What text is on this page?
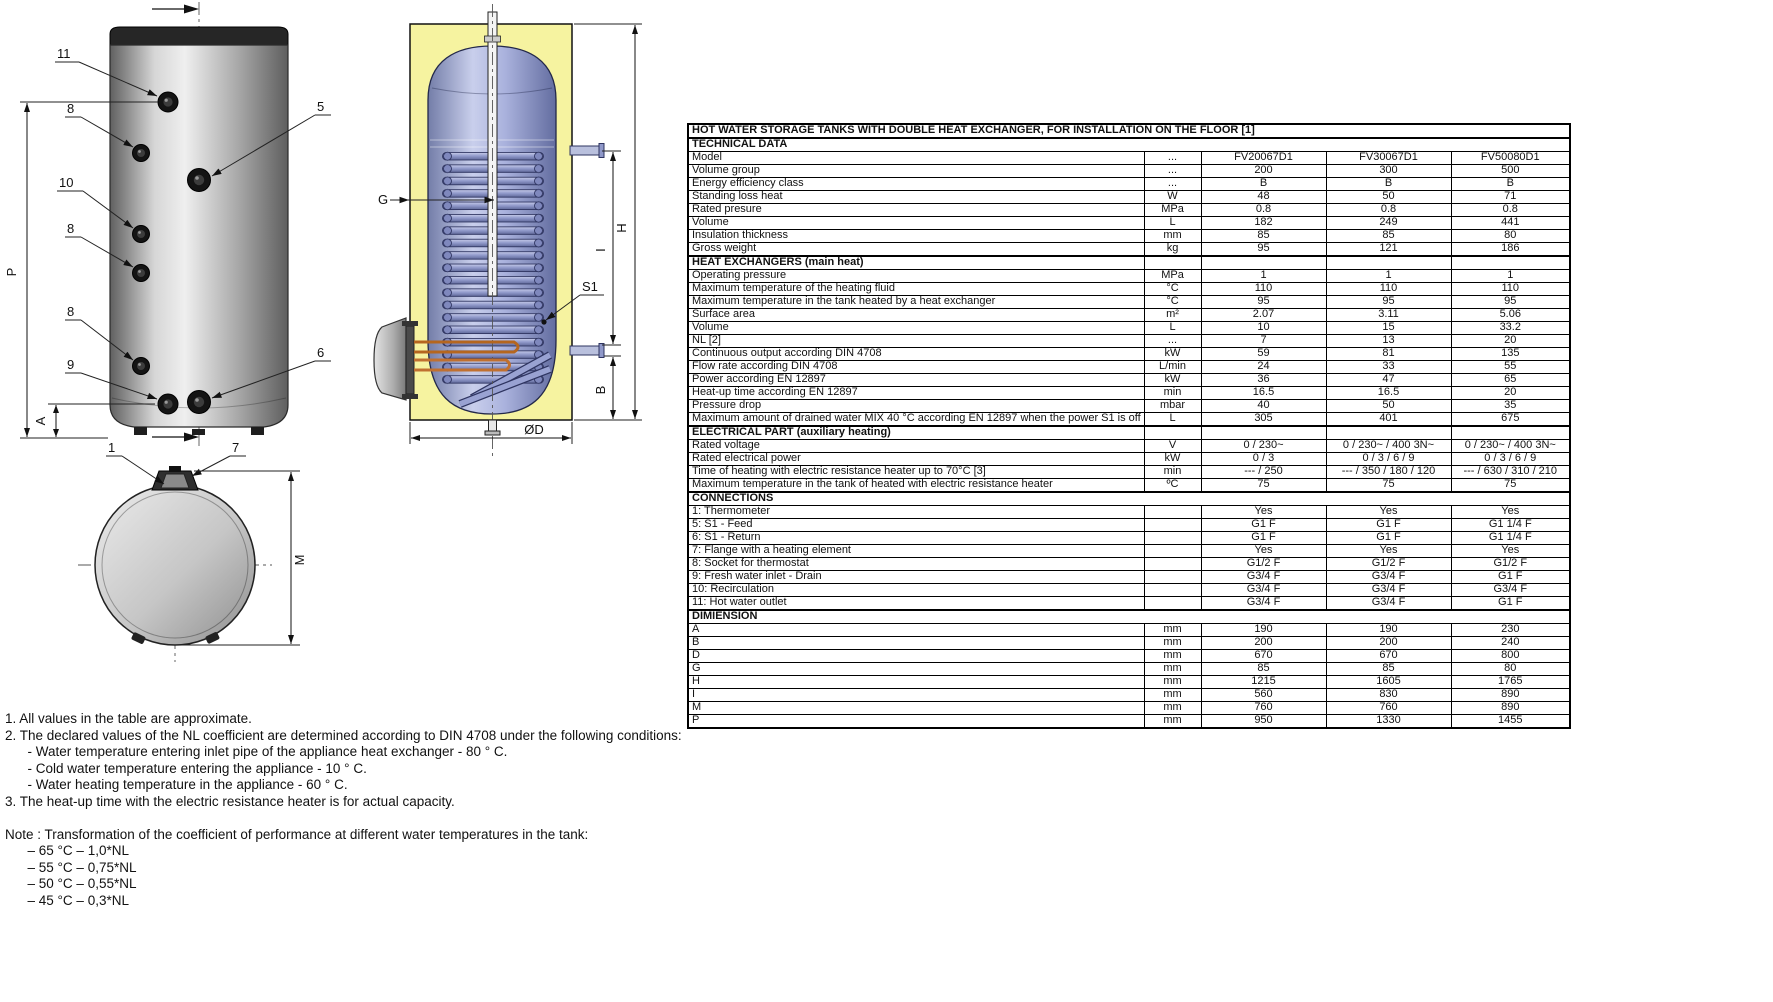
11
8
10
8
8
9
5
6
P
A
G
S1
H
I
B
ØD
1	7
M
HOT WATER STORAGE TANKS WITH DOUBLE HEAT EXCHANGER, FOR INSTALLATION ON THE FLOOR [1]				
TECHNICAL DATA				
Model	...	FV20067D1	FV30067D1	FV50080D1
Volume group	...	200	300	500
Energy efficiency class	...	B	B	B
Standing loss heat	W	48	50	71
Rated presure	MPa	0.8	0.8	0.8
Volume	L	182	249	441
Insulation thickness	mm	85	85	80
Gross weight	kg	95	121	186
HEAT EXCHANGERS (main heat)				
Operating pressure	MPa	1	1	1
Maximum temperature of the heating fluid	°C	110	110	110
Maximum temperature in the tank heated by a heat exchanger	°C	95	95	95
Surface area	m²	2.07	3.11	5.06
Volume	L	10	15	33.2
NL [2]	...	7	13	20
Continuous output according DIN 4708	kW	59	81	135
Flow rate according DIN 4708	L/min	24	33	55
Power according EN 12897	kW	36	47	65
Heat-up time according EN 12897	min	16.5	16.5	20
Pressure drop	mbar	40	50	35
Maximum amount of drained water MIX 40 °C according EN 12897 when the power S1 is off	L	305	401	675
ELECTRICAL PART (auxiliary heating)				
Rated voltage	V	0 / 230~	0 / 230~ / 400 3N~	0 / 230~ / 400 3N~
Rated electrical power	kW	0 / 3	0 / 3 / 6 / 9	0 / 3 / 6 / 9
Time of heating with electric resistance heater up to 70°C [3]	min	--- / 250	--- / 350 / 180 / 120	--- / 630 / 310 / 210
Maximum temperature in the tank of heated with electric resistance heater	ºC	75	75	75
CONNECTIONS				
1: Thermometer		Yes	Yes	Yes
5: S1 - Feed		G1 F	G1 F	G1 1/4 F
6: S1 - Return		G1 F	G1 F	G1 1/4 F
7: Flange with a heating element		Yes	Yes	Yes
8: Socket for thermostat		G1/2 F	G1/2 F	G1/2 F
9: Fresh water inlet - Drain		G3/4 F	G3/4 F	G1 F
10: Recirculation		G3/4 F	G3/4 F	G3/4 F
11: Hot water outlet		G3/4 F	G3/4 F	G1 F
DIMIENSION				
A	mm	190	190	230
B	mm	200	200	240
D	mm	670	670	800
G	mm	85	85	80
H	mm	1215	1605	1765
I	mm	560	830	890
M	mm	760	760	890
P	mm	950	1330	1455
1. All values in the table are approximate.
2. The declared values of the NL coefficient are determined according to DIN 4708 under the following conditions:
- Water temperature entering inlet pipe of the appliance heat exchanger - 80 ° C.
- Cold water temperature entering the appliance - 10 ° C.
- Water heating temperature in the appliance - 60 ° C.
3. The heat-up time with the electric resistance heater is for actual capacity.
Note : Transformation of the coefficient of performance at different water temperatures in the tank:
– 65 °C – 1,0*NL
– 55 °C – 0,75*NL
– 50 °C – 0,55*NL
– 45 °C – 0,3*NL
